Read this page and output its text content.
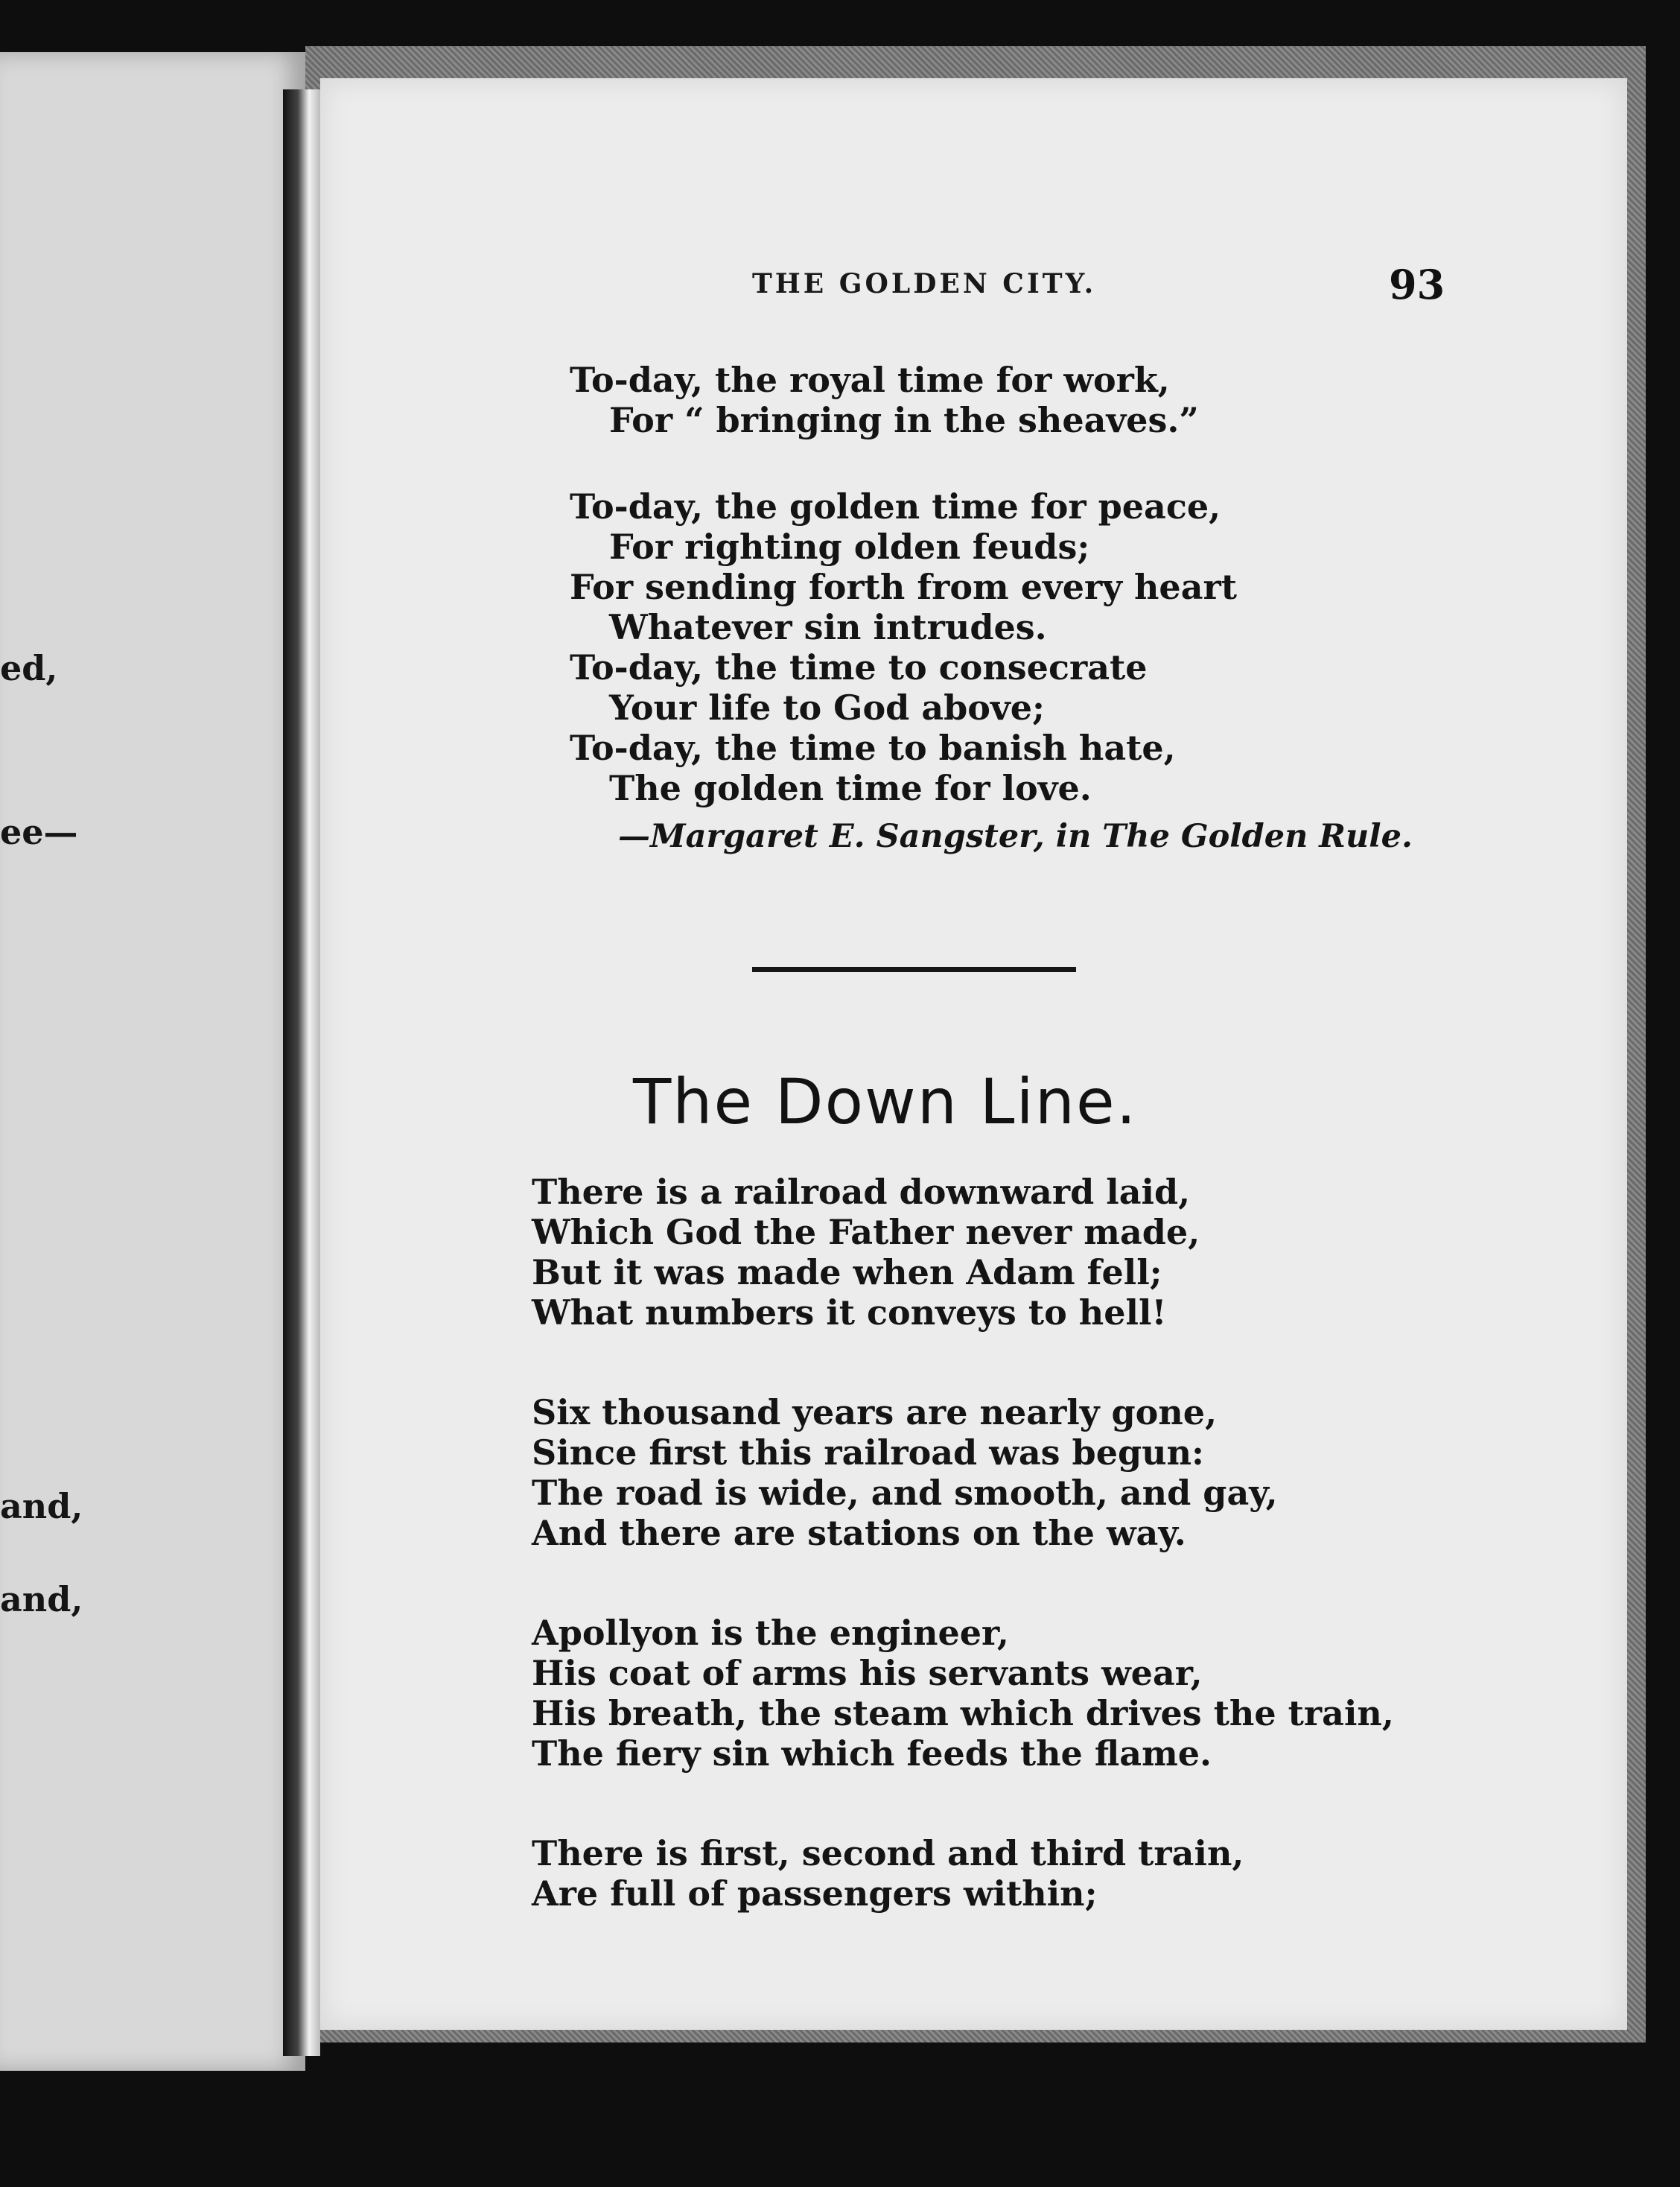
ed,

ee—

and,

and,

THE GOLDEN CITY.	93

To-day, the royal time for work,

For “ bringing in the sheaves.”

To-day, the golden time for peace,

For righting olden feuds;

For sending forth from every heart

Whatever sin intrudes.

To-day, the time to consecrate

Your life to God above;

To-day, the time to banish hate,

The golden time for love.

—Margaret E. Sangster, in The Golden Rule.

The Down Line.

There is a railroad downward laid,

Which God the Father never made,

But it was made when Adam fell;

What numbers it conveys to hell!

Six thousand years are nearly gone,

Since first this railroad was begun:

The road is wide, and smooth, and gay,

And there are stations on the way.

Apollyon is the engineer,

His coat of arms his servants wear,

His breath, the steam which drives the train,

The fiery sin which feeds the flame.

There is first, second and third train,

Are full of passengers within;
